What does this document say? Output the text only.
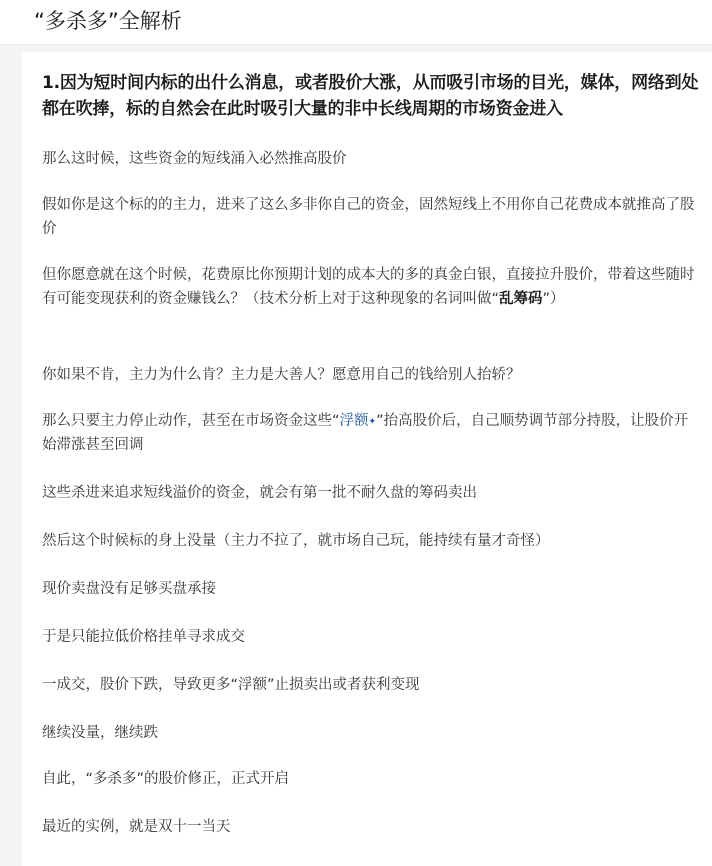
“多杀多”全解析
1.因为短时间内标的出什么消息，或者股价大涨，从而吸引市场的目光，媒体，网络到处都在吹捧，标的自然会在此时吸引大量的非中长线周期的市场资金进入
那么这时候，这些资金的短线涌入必然推高股价
假如你是这个标的的主力，进来了这么多非你自己的资金，固然短线上不用你自己花费成本就推高了股价
但你愿意就在这个时候，花费原比你预期计划的成本大的多的真金白银，直接拉升股价，带着这些随时有可能变现获利的资金赚钱么？（技术分析上对于这种现象的名词叫做“乱筹码”）
你如果不肯，主力为什么肯？主力是大善人？愿意用自己的钱给别人抬轿？
那么只要主力停止动作，甚至在市场资金这些“浮额✦”抬高股价后，自己顺势调节部分持股，让股价开始滞涨甚至回调
这些杀进来追求短线溢价的资金，就会有第一批不耐久盘的筹码卖出
然后这个时候标的身上没量（主力不拉了，就市场自己玩，能持续有量才奇怪）
现价卖盘没有足够买盘承接
于是只能拉低价格挂单寻求成交
一成交，股价下跌，导致更多“浮额”止损卖出或者获利变现
继续没量，继续跌
自此，“多杀多”的股价修正，正式开启
最近的实例，就是双十一当天
